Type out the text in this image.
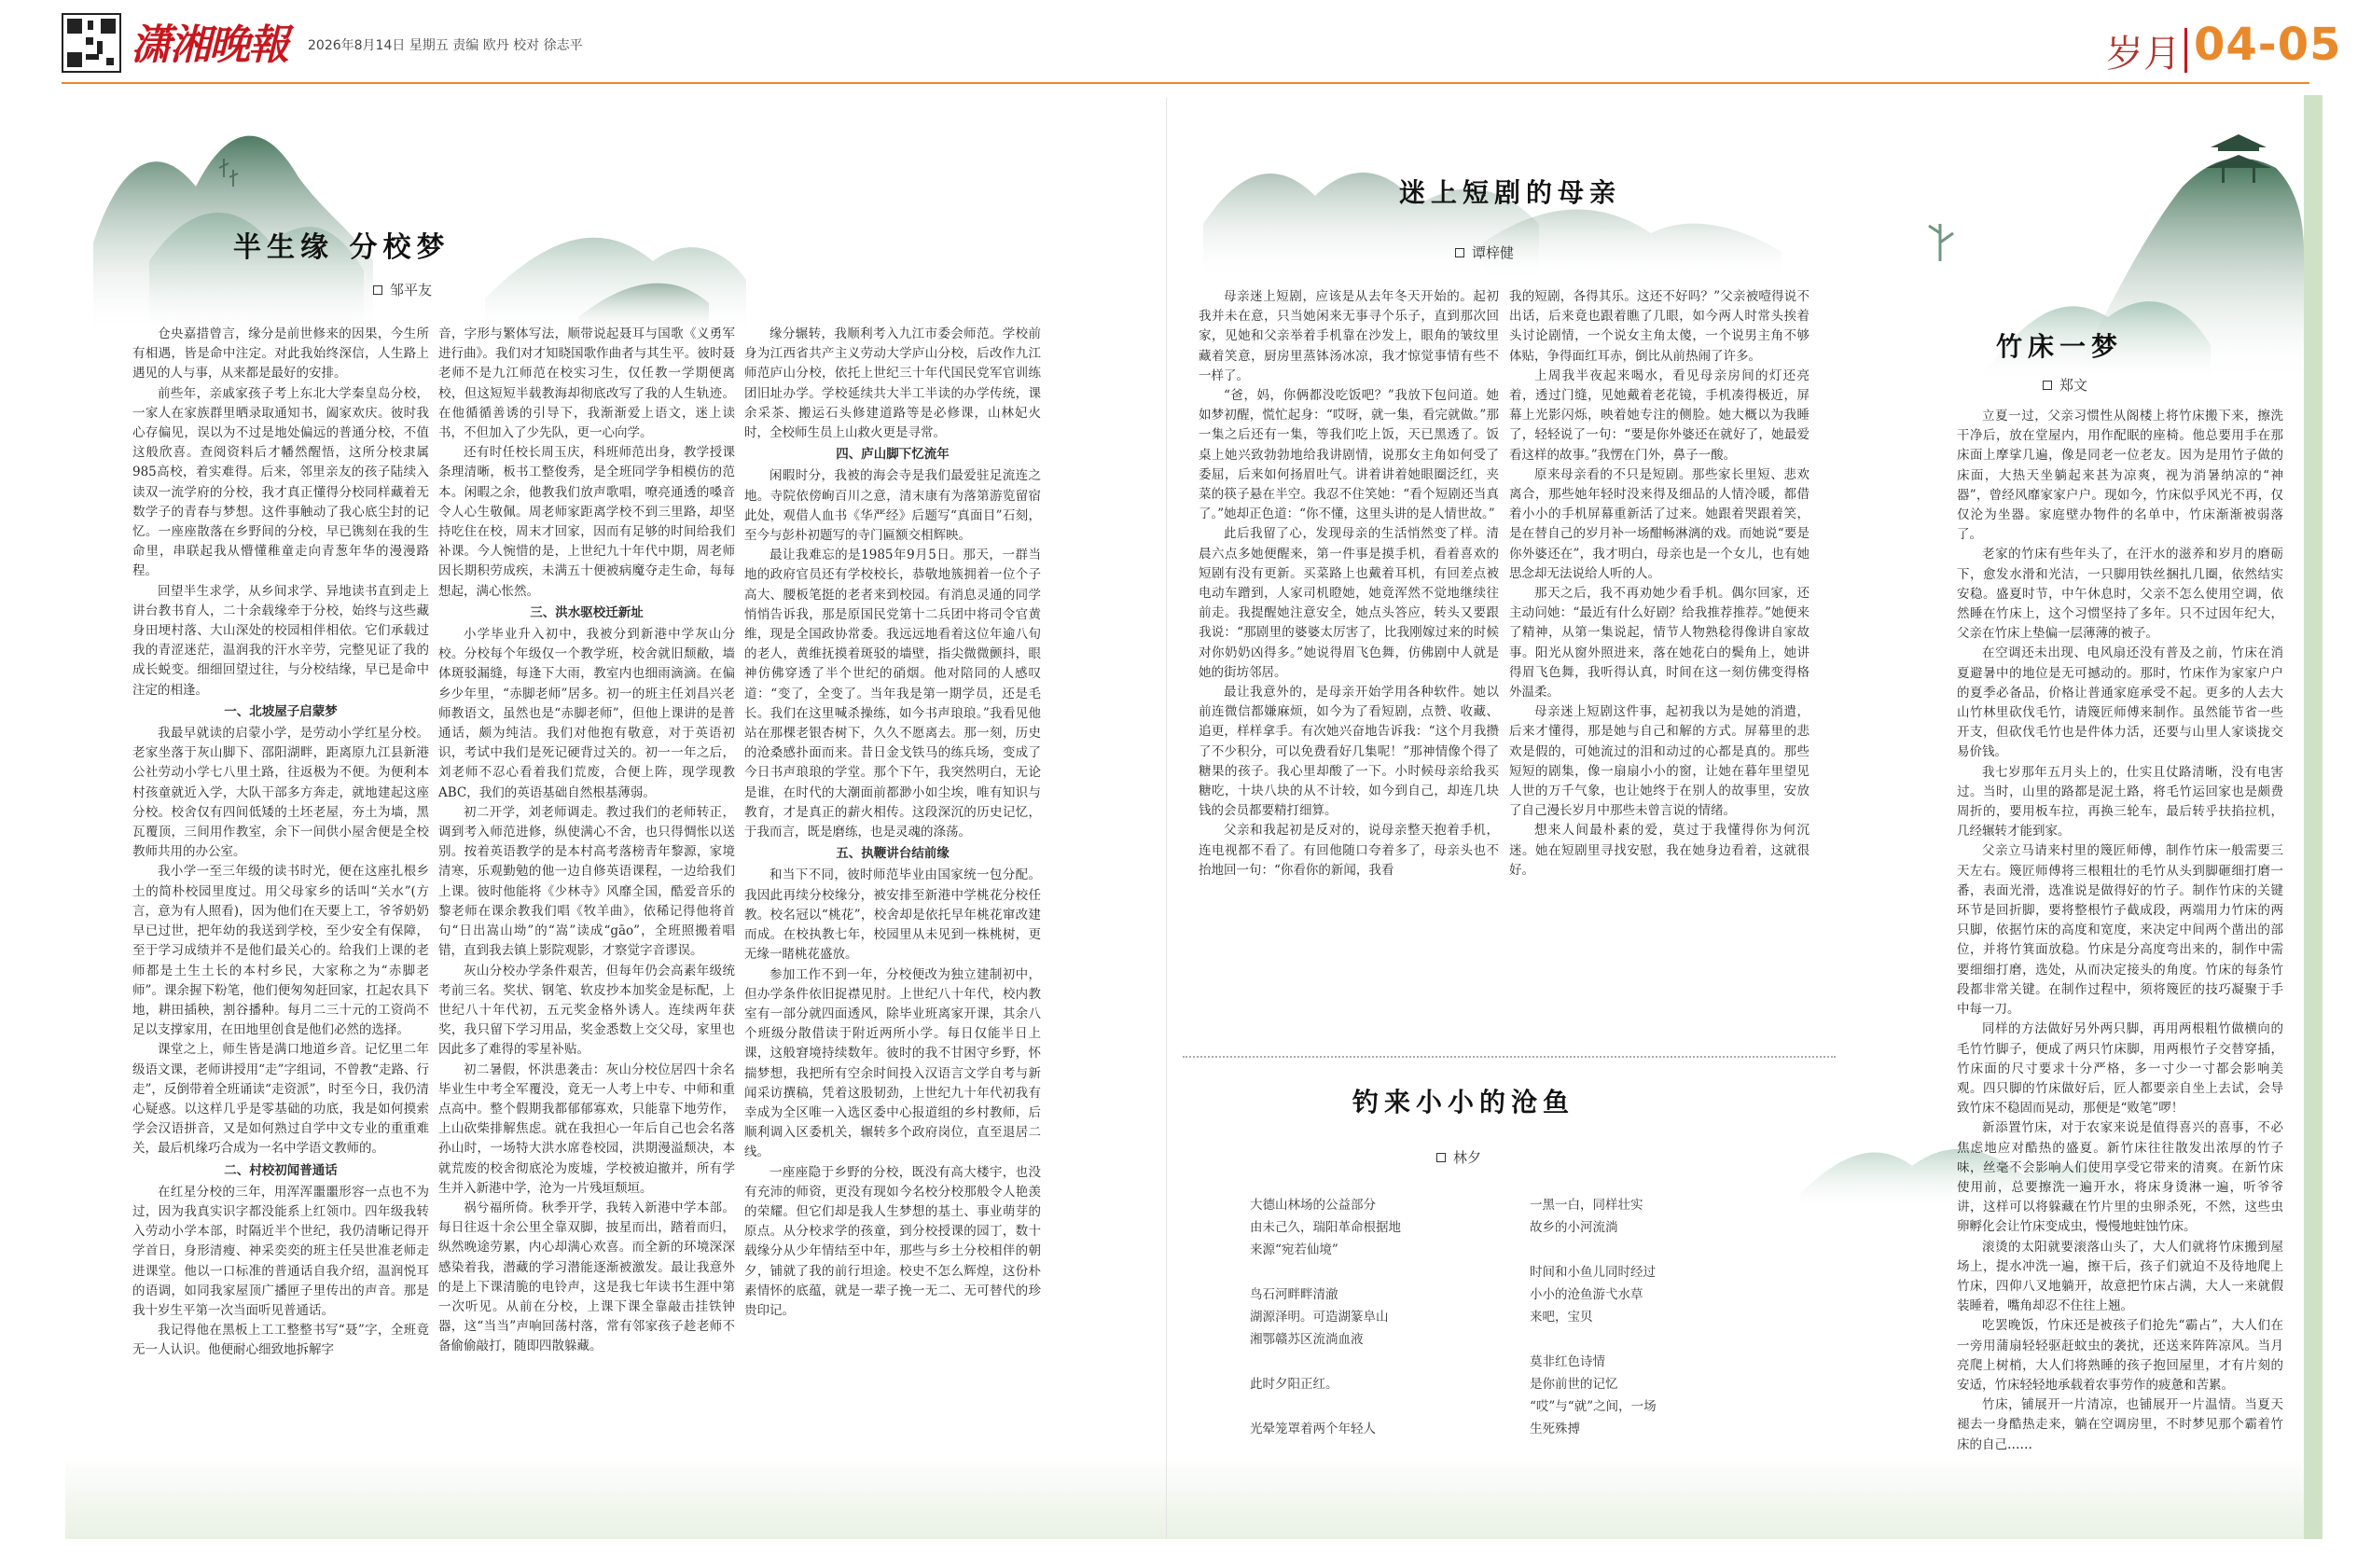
潇湘晚報 2026年8月14日 星期五 责编 欧丹 校对 徐志平	岁月 04-05
半生缘 分校梦
邹平友

仓央嘉措曾言，缘分是前世修来的因果，今生所有相遇，皆是命中注定。对此我始终深信，人生路上遇见的人与事，从来都是最好的安排。

前些年，亲戚家孩子考上东北大学秦皇岛分校，一家人在家族群里晒录取通知书，阖家欢庆。彼时我心存偏见，误以为不过是地处偏远的普通分校，不值这般欣喜。查阅资料后才幡然醒悟，这所分校隶属985高校，着实难得。后来，邻里亲友的孩子陆续入读双一流学府的分校，我才真正懂得分校同样藏着无数学子的青春与梦想。这件事触动了我心底尘封的记忆。一座座散落在乡野间的分校，早已镌刻在我的生命里，串联起我从懵懂稚童走向青葱年华的漫漫路程。

回望半生求学，从乡间求学、异地读书直到走上讲台教书育人，二十余载缘牵于分校，始终与这些藏身田埂村落、大山深处的校园相伴相依。它们承载过我的青涩迷茫，温润我的汗水辛劳，完整见证了我的成长蜕变。细细回望过往，与分校结缘，早已是命中注定的相逢。

一、北坡屋子启蒙梦

我最早就读的启蒙小学，是劳动小学红星分校。老家坐落于灰山脚下、邵阳湖畔，距离原九江县新港公社劳动小学七八里土路，往返极为不便。为便利本村孩童就近入学，大队干部多方奔走，就地建起这座分校。校舍仅有四间低矮的土坯老屋，夯土为墙，黑瓦覆顶，三间用作教室，余下一间供小屋舍便是全校教师共用的办公室。

我小学一至三年级的读书时光，便在这座扎根乡土的简朴校园里度过。用父母家乡的话叫“关水”(方言，意为有人照看)，因为他们在天要上工，爷爷奶奶早已过世，把年幼的我送到学校，至少安全有保障，至于学习成绩并不是他们最关心的。给我们上课的老师都是土生土长的本村乡民，大家称之为“赤脚老师”。课余握下粉笔，他们便匆匆赶回家，扛起农具下地，耕田插秧，割谷播种。每月二三十元的工资尚不足以支撑家用，在田地里创食是他们必然的选择。

课堂之上，师生皆是满口地道乡音。记忆里二年级语文课，老师讲授用“走”字组词，不曾教“走路、行走”，反倒带着全班诵读“走资派”，时至今日，我仍清心疑惑。以这样几乎是零基础的功底，我是如何摸索学会汉语拼音，又是如何熟过自学中文专业的重重难关，最后机缘巧合成为一名中学语文教师的。

二、村校初闻普通话

在红星分校的三年，用浑浑噩噩形容一点也不为过，因为我真实识字都没能系上红领巾。四年级我转入劳动小学本部，时隔近半个世纪，我仍清晰记得开学首日，身形清瘦、神采奕奕的班主任吴世准老师走进课堂。他以一口标准的普通话自我介绍，温润悦耳的语调，如同我家屋顶广播匣子里传出的声音。那是我十岁生平第一次当面听见普通话。

我记得他在黑板上工工整整书写“聂”字，全班竟无一人认识。他便耐心细致地拆解字

音，字形与繁体写法，顺带说起聂耳与国歌《义勇军进行曲》。我们对才知晓国歌作曲者与其生平。彼时聂老师不是九江师范在校实习生，仅任教一学期便离校，但这短短半载教海却彻底改写了我的人生轨迹。在他循循善诱的引导下，我渐渐爱上语文，迷上读书，不但加入了少先队，更一心向学。

还有时任校长周玉庆，科班师范出身，教学授课条理清晰，板书工整俊秀，是全班同学争相模仿的范本。闲暇之余，他教我们放声歌唱，嘹亮通透的嗓音令人心生敬佩。周老师家距离学校不到三里路，却坚持吃住在校，周末才回家，因而有足够的时间给我们补课。今人惋惜的是，上世纪九十年代中期，周老师因长期积劳成疾，未满五十便被病魔夺走生命，每每想起，满心怅然。

三、洪水驱校迁新址

小学毕业升入初中，我被分到新港中学灰山分校。分校每个年级仅一个教学班，校舍就旧颓敝，墙体斑驳漏缝，每逢下大雨，教室内也细雨滴滴。在偏乡少年里，“赤脚老师”居多。初一的班主任刘昌兴老师教语文，虽然也是“赤脚老师”，但他上课讲的是普通话，颇为纯洁。我们对他抱有敬意，对于英语初识，考试中我们是死记硬背过关的。初一一年之后，刘老师不忍心看着我们荒废，合便上阵，现学现教ABC，我们的英语基础自然根基薄弱。

初二开学，刘老师调走。教过我们的老师转正，调到考入师范进修，纵使满心不舍，也只得惆怅以送别。按着英语教学的是本村高考落榜青年黎源，家境清寒，乐观勤勉的他一边自修英语课程，一边给我们上课。彼时他能将《少林寺》风靡全国，酷爱音乐的黎老师在课余教我们唱《牧羊曲》，依稀记得他将首句“日出嵩山坳”的“嵩”读成“gāo”，全班照搬着唱错，直到我去镇上影院观影，才察觉字音谬误。

灰山分校办学条件艰苦，但每年仍会高素年级统考前三名。奖状、钢笔、软皮抄本加奖金是标配，上世纪八十年代初，五元奖金格外诱人。连续两年获奖，我只留下学习用品，奖金悉数上交父母，家里也因此多了难得的零星补贴。

初二暑假，怀洪患袭击：灰山分校位居四十余名毕业生中考全军覆没，竟无一人考上中专、中师和重点高中。整个假期我都郁郁寡欢，只能靠下地劳作，上山砍柴排解焦虑。就在我担心一年后自己也会名落孙山时，一场特大洪水席卷校园，洪期漫溢颓决，本就荒废的校舍彻底沦为废墟，学校被迫撤并，所有学生并入新港中学，沧为一片残垣颓垣。

祸兮福所倚。秋季开学，我转入新港中学本部。每日往返十余公里全靠双脚，披星而出，踏着而归，纵然晚途劳累，内心却满心欢喜。而全新的环境深深感染着我，潜藏的学习潜能逐渐被激发。最让我意外的是上下课清脆的电铃声，这是我七年读书生涯中第一次听见。从前在分校，上课下课全靠敲击挂铁钟器，这“当当”声响回荡村落，常有邻家孩子趁老师不备偷偷敲打，随即四散躲藏。

缘分辗转，我顺利考入九江市委会师范。学校前身为江西省共产主义劳动大学庐山分校，后改作九江师范庐山分校，依托上世纪三十年代国民党军官训练团旧址办学。学校延续共大半工半读的办学传统，课余采茶、搬运石头修建道路等是必修课，山林妃火时，全校师生员上山救火更是寻常。

四、庐山脚下忆流年

闲暇时分，我被的海会寺是我们最爱驻足流连之地。寺院依傍峋百川之意，清末康有为落第游览留宿此处，观借人血书《华严经》后题写“真面目”石刻，至今与彭朴初题写的寺门匾额交相辉映。

最让我难忘的是1985年9月5日。那天，一群当地的政府官员还有学校校长，恭敬地簇拥着一位个子高大、腰板笔挺的老者来到校园。有消息灵通的同学悄悄告诉我，那是原国民党第十二兵团中将司令官黄维，现是全国政协常委。我远远地看着这位年逾八旬的老人，黄维抚摸着斑驳的墙壁，指尖微微颤抖，眼神仿佛穿透了半个世纪的硝烟。他对陪同的人感叹道：“变了，全变了。当年我是第一期学员，还是毛长。我们在这里喊杀操练，如今书声琅琅。”我看见他站在那棵老银杏树下，久久不愿离去。那一刻，历史的沧桑感扑面而来。昔日金戈铁马的练兵场，变成了今日书声琅琅的学堂。那个下午，我突然明白，无论是谁，在时代的大潮面前都渺小如尘埃，唯有知识与教育，才是真正的薪火相传。这段深沉的历史记忆，于我而言，既是磨练，也是灵魂的涤荡。

五、执鞭讲台结前缘

和当下不同，彼时师范毕业由国家统一包分配。我因此再续分校缘分，被安排至新港中学桃花分校任教。校名冠以“桃花”，校舍却是依托早年桃花窜改建而成。在校执教七年，校园里从未见到一株桃树，更无缘一睹桃花盛放。

参加工作不到一年，分校便改为独立建制初中，但办学条件依旧捉襟见肘。上世纪八十年代，校内教室有一部分就四面透风，除毕业班离家开课，其余八个班级分散借读于附近两所小学。每日仅能半日上课，这般窘境持续数年。彼时的我不甘困守乡野，怀揣梦想，我把所有空余时间投入汉语言文学自考与新闻采访撰稿，凭着这股韧劲，上世纪九十年代初我有幸成为全区唯一入选区委中心报道组的乡村教师，后顺利调入区委机关，辗转多个政府岗位，直至退居二线。

一座座隐于乡野的分校，既没有高大楼宇，也没有充沛的师资，更没有现如今名校分校那般令人艳羡的荣耀。但它们却是我人生梦想的基土、事业萌芽的原点。从分校求学的孩童，到分校授课的园丁，数十载缘分从少年情结至中年，那些与乡土分校相伴的朝夕，铺就了我的前行坦途。校史不怎么辉煌，这份朴素情怀的底蕴，就是一辈子挽一无二、无可替代的珍贵印记。

迷上短剧的母亲
谭梓健

母亲迷上短剧，应该是从去年冬天开始的。起初我并未在意，只当她闲来无事寻个乐子，直到那次回家，见她和父亲举着手机靠在沙发上，眼角的皱纹里藏着笑意，厨房里蒸钵汤冰凉，我才惊觉事情有些不一样了。

“爸，妈，你俩都没吃饭吧？”我放下包问道。她如梦初醒，慌忙起身：“哎呀，就一集，看完就做。”那一集之后还有一集，等我们吃上饭，天已黑透了。饭桌上她兴致勃勃地给我讲剧情，说那女主角如何受了委屈，后来如何扬眉吐气。讲着讲着她眼圈泛红，夹菜的筷子悬在半空。我忍不住笑她：“看个短剧还当真了。”她却正色道：“你不懂，这里头讲的是人情世故。”

此后我留了心，发现母亲的生活悄然变了样。清晨六点多她便醒来，第一件事是摸手机，看着喜欢的短剧有没有更新。买菜路上也戴着耳机，有回差点被电动车蹭到，人家司机瞪她，她竟浑然不觉地继续往前走。我提醒她注意安全，她点头答应，转头又要跟我说：“那剧里的婆婆太厉害了，比我刚嫁过来的时候对你奶奶凶得多。”她说得眉飞色舞，仿佛剧中人就是她的街坊邻居。

最让我意外的，是母亲开始学用各种软件。她以前连微信都嫌麻烦，如今为了看短剧，点赞、收藏、追更，样样拿手。有次她兴奋地告诉我：“这个月我攒了不少积分，可以免费看好几集呢！”那神情像个得了糖果的孩子。我心里却酸了一下。小时候母亲给我买糖吃，十块八块的从不计较，如今到自己，却连几块钱的会员都要精打细算。

父亲和我起初是反对的，说母亲整天抱着手机，连电视都不看了。有回他随口夸着多了，母亲头也不抬地回一句：“你看你的新闻，我看

我的短剧，各得其乐。这还不好吗？”父亲被噎得说不出话，后来竟也跟着瞧了几眼，如今两人时常头挨着头讨论剧情，一个说女主角太傻，一个说男主角不够体贴，争得面红耳赤，倒比从前热闹了许多。

上周我半夜起来喝水，看见母亲房间的灯还亮着，透过门缝，见她戴着老花镜，手机凑得极近，屏幕上光影闪烁，映着她专注的侧脸。她大概以为我睡了，轻轻说了一句：“要是你外婆还在就好了，她最爱看这样的故事。”我愣在门外，鼻子一酸。

原来母亲看的不只是短剧。那些家长里短、悲欢离合，那些她年轻时没来得及细品的人情冷暖，都借着小小的手机屏幕重新活了过来。她跟着哭跟着笑，是在替自己的岁月补一场酣畅淋漓的戏。而她说“要是你外婆还在”，我才明白，母亲也是一个女儿，也有她思念却无法说给人听的人。

那天之后，我不再劝她少看手机。偶尔回家，还主动问她：“最近有什么好剧？给我推荐推荐。”她便来了精神，从第一集说起，情节人物熟稔得像讲自家故事。阳光从窗外照进来，落在她花白的鬓角上，她讲得眉飞色舞，我听得认真，时间在这一刻仿佛变得格外温柔。

母亲迷上短剧这件事，起初我以为是她的消遣，后来才懂得，那是她与自己和解的方式。屏幕里的悲欢是假的，可她流过的泪和动过的心都是真的。那些短短的剧集，像一扇扇小小的窗，让她在暮年里望见人世的万千气象，也让她终于在别人的故事里，安放了自己漫长岁月中那些未曾言说的情绪。

想来人间最朴素的爱，莫过于我懂得你为何沉迷。她在短剧里寻找安慰，我在她身边看着，这就很好。

钓来小小的沧鱼
林夕
大德山林场的公益部分
由未己久，瑞阳革命根据地
来源“宛若仙境”
鸟石河畔畔清澈
湖源泽明。可造湖篆阜山
湘鄂赣苏区流淌血液
此时夕阳正红。
光晕笼罩着两个年轻人
一黑一白，同样壮实
故乡的小河流淌
时间和小鱼儿同时经过
小小的沧鱼游弋水草
来吧，宝贝
莫非红色诗情
是你前世的记忆
“哎”与“就”之间，一场
生死殊搏
竹床一梦
郑文

立夏一过，父亲习惯性从阁楼上将竹床搬下来，擦洗干净后，放在堂屋内，用作配眠的座椅。他总要用手在那床面上摩挲几遍，像是同老一位老友。因为是用竹子做的床面，大热天坐躺起来甚为凉爽，视为消暑纳凉的“神器”，曾经风靡家家户户。现如今，竹床似乎风光不再，仅仅沦为坐器。家庭壁办物件的名单中，竹床渐渐被弱落了。

老家的竹床有些年头了，在汗水的滋养和岁月的磨砺下，愈发水滑和光洁，一只脚用铁丝捆扎几圈，依然结实安稳。盛夏时节，中午休息时，父亲不怎么使用空调，依然睡在竹床上，这个习惯坚持了多年。只不过因年纪大，父亲在竹床上垫偏一层薄薄的被子。

在空调还未出现、电风扇还没有普及之前，竹床在消夏避暑中的地位是无可撼动的。那时，竹床作为家家户户的夏季必备品，价格让普通家庭承受不起。更多的人去大山竹林里砍伐毛竹，请篾匠师傅来制作。虽然能节省一些开支，但砍伐毛竹也是件体力活，还要与山里人家谈拢交易价钱。

我七岁那年五月头上的，仕实且仗路清晰，没有电害过。当时，山里的路都是泥土路，将毛竹运回家也是颇费周折的，要用板车拉，再换三轮车，最后转乎扶掐拉机，几经辗转才能到家。

父亲立马请来村里的篾匠师傅，制作竹床一般需要三天左右。篾匠师傅将三根粗壮的毛竹从头到脚砸细打磨一番，表面光滑，选准说是做得好的竹子。制作竹床的关键环节是回折脚，要将整根竹子截成段，两端用力竹床的两只脚，依据竹床的高度和宽度，来决定中间两个凿出的部位，并将竹箕面放稳。竹床是分高度弯出来的，制作中需要细细打磨，选处，从而决定接头的角度。竹床的每条竹段都非常关键。在制作过程中，须将篾匠的技巧凝聚于手中每一刀。

同样的方法做好另外两只脚，再用两根粗竹做横向的毛竹竹脚子，便成了两只竹床脚，用两根竹子交替穿插，竹床面的尺寸要求十分严格，多一寸少一寸都会影响美观。四只脚的竹床做好后，匠人都要亲自坐上去试，会导致竹床不稳固而晃动，那便是“败笔”啰！

新添置竹床，对于农家来说是值得喜兴的喜事，不必焦虑地应对酷热的盛夏。新竹床往往散发出浓厚的竹子味，丝毫不会影响人们使用享受它带来的清爽。在新竹床使用前，总要擦洗一遍开水，将床身烫淋一遍，听爷爷讲，这样可以将躲藏在竹片里的虫卵杀死，不然，这些虫卵孵化会让竹床变成虫，慢慢地蛀蚀竹床。

滚烫的太阳就要滚落山头了，大人们就将竹床搬到屋场上，提水冲洗一遍，擦干后，孩子们就迫不及待地爬上竹床，四仰八叉地躺开，故意把竹床占满，大人一来就假装睡着，嘴角却忍不住往上翘。

吃罢晚饭，竹床还是被孩子们抢先“霸占”，大人们在一旁用蒲扇轻轻驱赶蚊虫的袭扰，还送来阵阵凉风。当月亮爬上树梢，大人们将熟睡的孩子抱回屋里，才有片刻的安适，竹床轻轻地承载着农事劳作的疲惫和苦累。

竹床，铺展开一片清凉，也铺展开一片温情。当夏天褪去一身酷热走来，躺在空调房里，不时梦见那个霸着竹床的自己……
